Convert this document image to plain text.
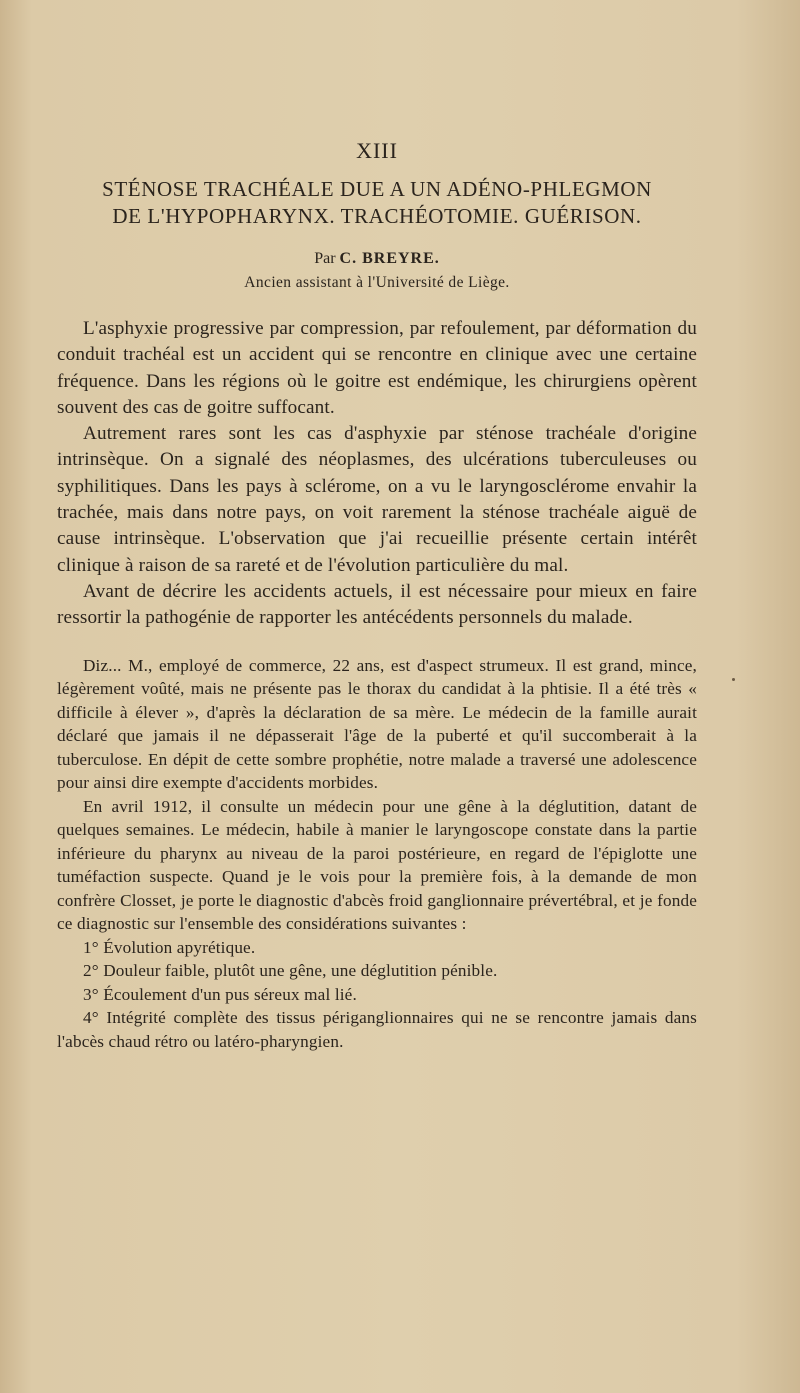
XIII
STÉNOSE TRACHÉALE DUE A UN ADÉNO-PHLEGMON
DE L'HYPOPHARYNX. TRACHÉOTOMIE. GUÉRISON.

Par C. BREYRE.

Ancien assistant à l'Université de Liège.

L'asphyxie progressive par compression, par refoulement, par déformation du conduit trachéal est un accident qui se rencontre en clinique avec une certaine fréquence. Dans les régions où le goitre est endémique, les chirurgiens opèrent souvent des cas de goitre suffocant.

Autrement rares sont les cas d'asphyxie par sténose trachéale d'origine intrinsèque. On a signalé des néoplasmes, des ulcérations tuberculeuses ou syphilitiques. Dans les pays à sclérome, on a vu le laryngosclérome envahir la trachée, mais dans notre pays, on voit rarement la sténose trachéale aiguë de cause intrinsèque. L'observation que j'ai recueillie présente certain intérêt clinique à raison de sa rareté et de l'évolution particulière du mal.

Avant de décrire les accidents actuels, il est nécessaire pour mieux en faire ressortir la pathogénie de rapporter les antécédents personnels du malade.

Diz... M., employé de commerce, 22 ans, est d'aspect strumeux. Il est grand, mince, légèrement voûté, mais ne présente pas le thorax du candidat à la phtisie. Il a été très « difficile à élever », d'après la déclaration de sa mère. Le médecin de la famille aurait déclaré que jamais il ne dépasserait l'âge de la puberté et qu'il succomberait à la tuberculose. En dépit de cette sombre prophétie, notre malade a traversé une adolescence pour ainsi dire exempte d'accidents morbides.

En avril 1912, il consulte un médecin pour une gêne à la déglutition, datant de quelques semaines. Le médecin, habile à manier le laryngoscope constate dans la partie inférieure du pharynx au niveau de la paroi postérieure, en regard de l'épiglotte une tuméfaction suspecte. Quand je le vois pour la première fois, à la demande de mon confrère Closset, je porte le diagnostic d'abcès froid ganglionnaire prévertébral, et je fonde ce diagnostic sur l'ensemble des considérations suivantes :

1° Évolution apyrétique.
2° Douleur faible, plutôt une gêne, une déglutition pénible.
3° Écoulement d'un pus séreux mal lié.
4° Intégrité complète des tissus périganglionnaires qui ne se rencontre jamais dans l'abcès chaud rétro ou latéro-pharyngien.
